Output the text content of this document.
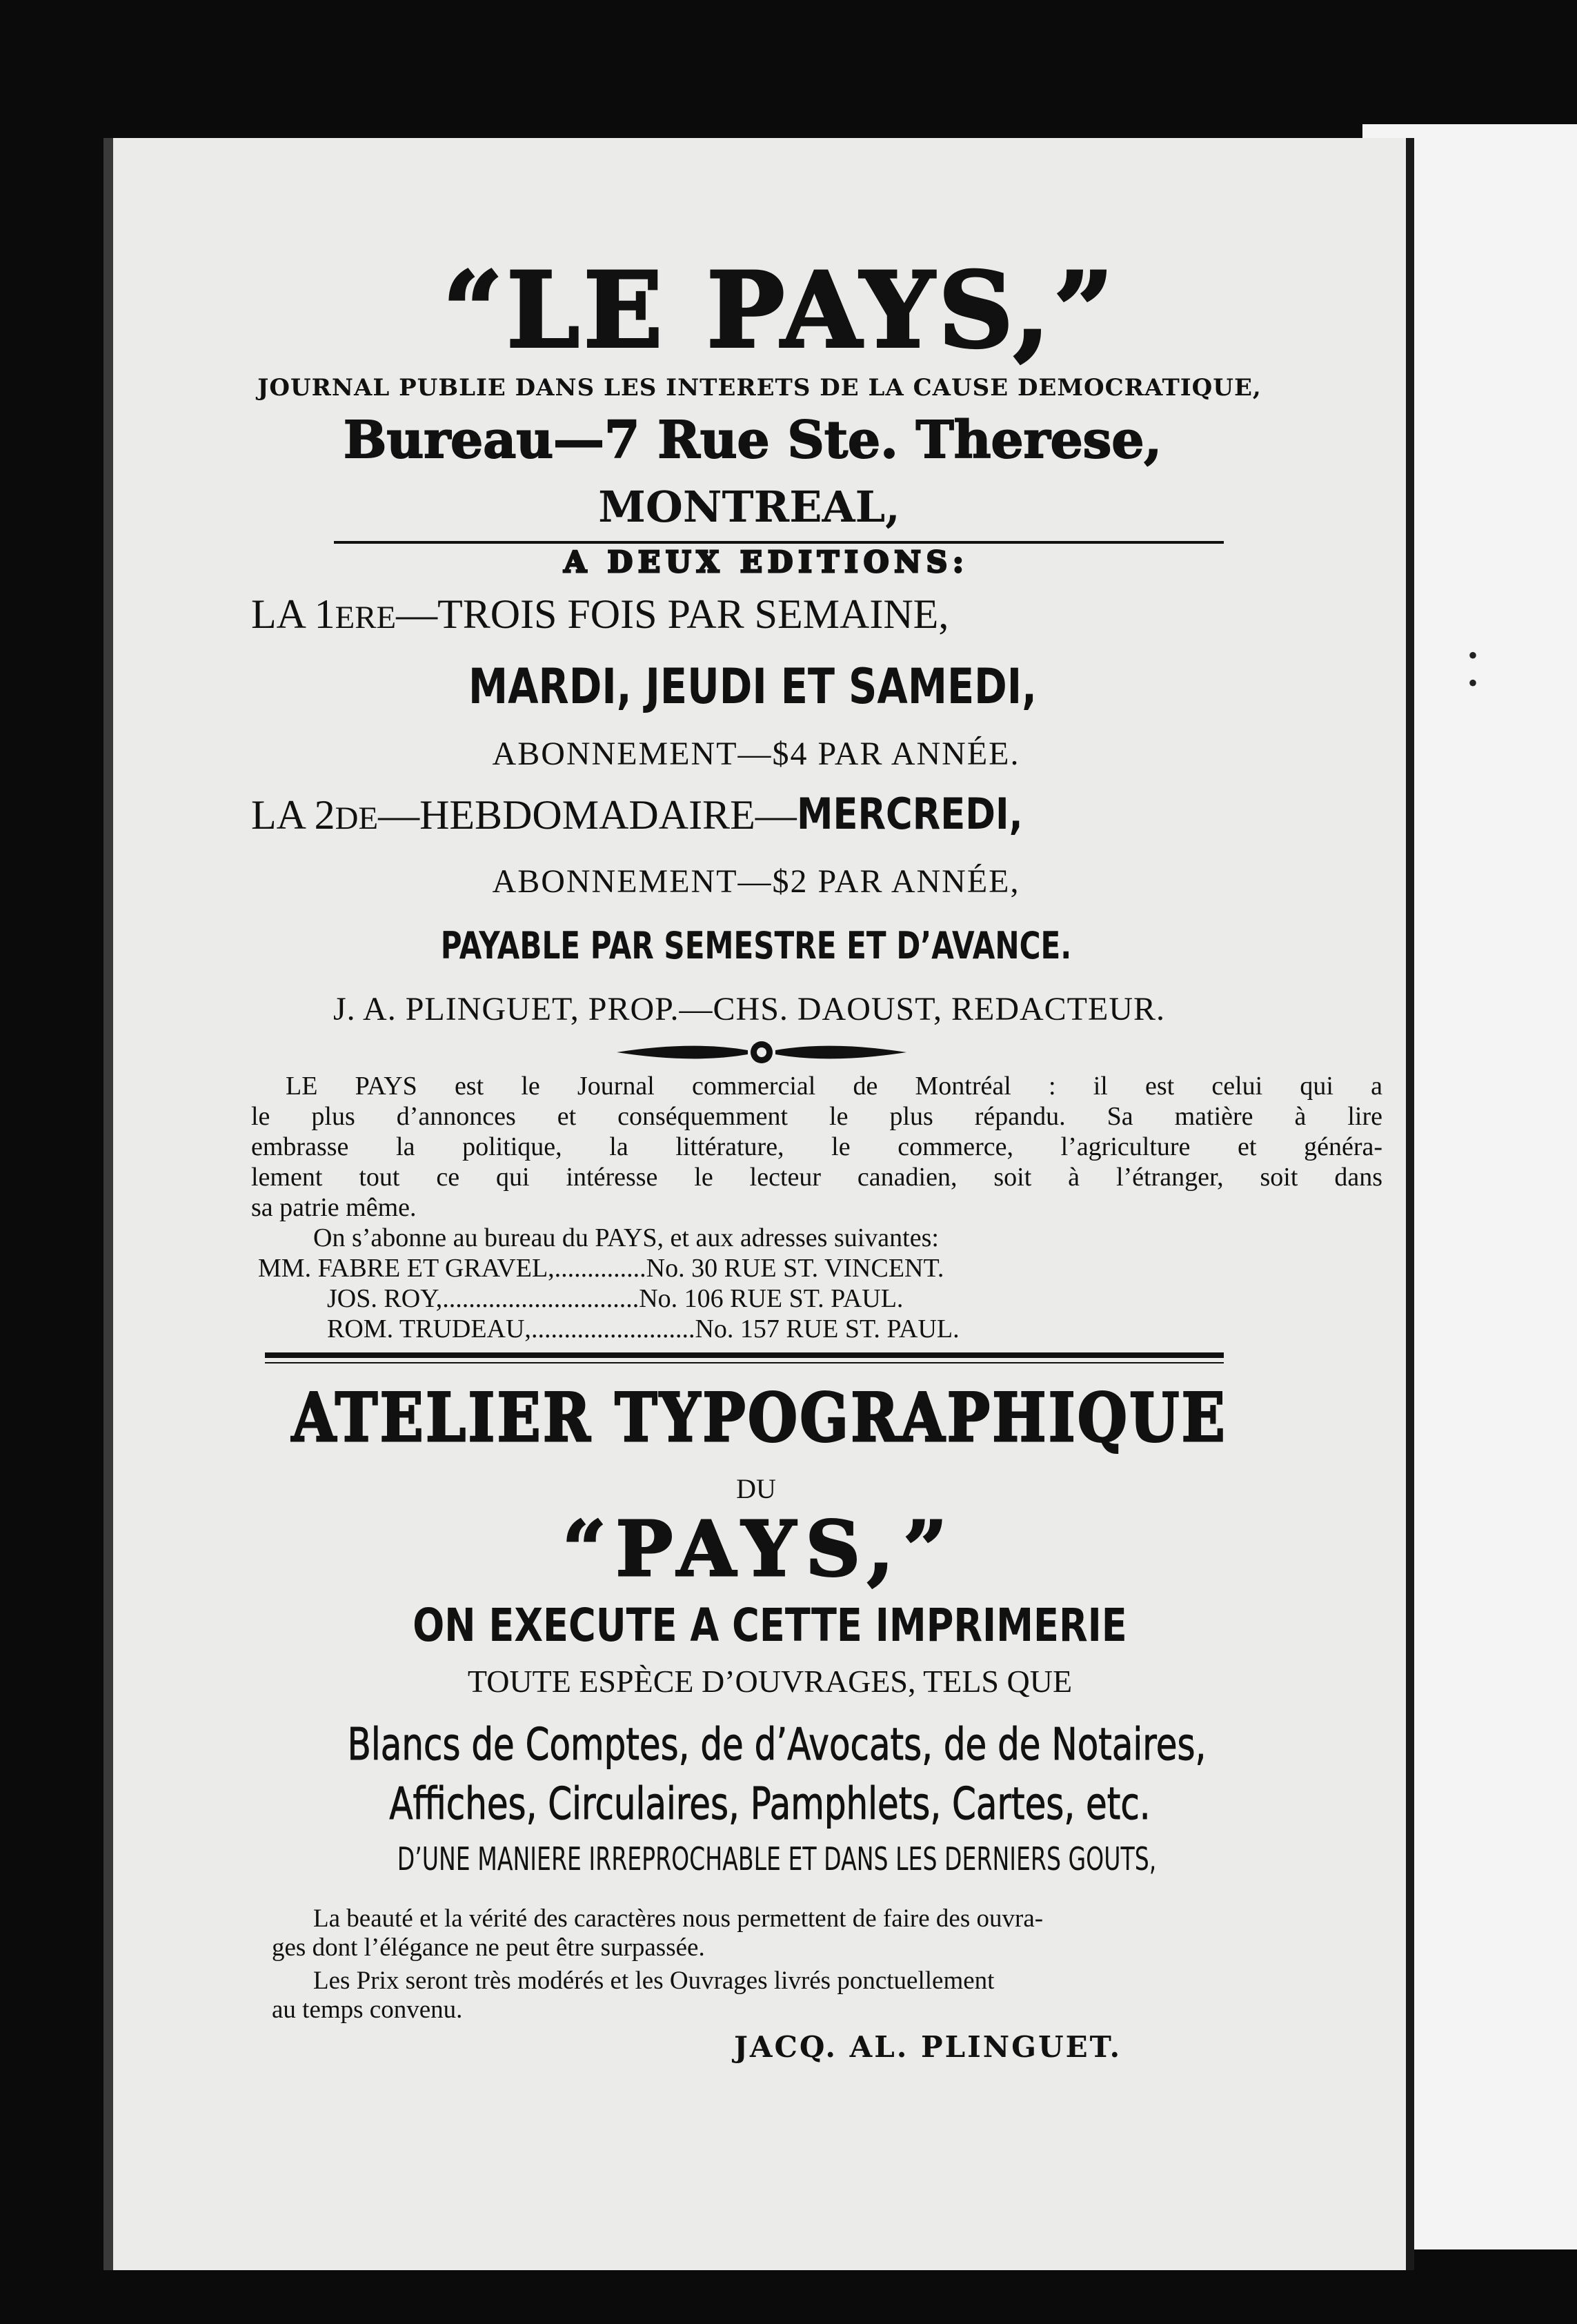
•
•
“LE PAYS,”
JOURNAL PUBLIE DANS LES INTERETS DE LA CAUSE DEMOCRATIQUE,
Bureau—7 Rue Ste. Therese,
MONTREAL,
A DEUX EDITIONS:
LA 1ERE—TROIS FOIS PAR SEMAINE,
MARDI, JEUDI ET SAMEDI,
ABONNEMENT—$4 PAR ANNÉE.
LA 2DE—HEBDOMADAIRE—MERCREDI,
ABONNEMENT—$2 PAR ANNÉE,
PAYABLE PAR SEMESTRE ET D’AVANCE.
J. A. PLINGUET, PROP.—CHS. DAOUST, REDACTEUR.
LE PAYS est le Journal commercial de Montréal : il est celui qui a
le plus d’annonces et conséquemment le plus répandu. Sa matière à lire
embrasse la politique, la littérature, le commerce, l’agriculture et généra-
lement tout ce qui intéresse le lecteur canadien, soit à l’étranger, soit dans
sa patrie même.
On s’abonne au bureau du PAYS, et aux adresses suivantes:
MM. FABRE ET GRAVEL,..............No. 30 RUE ST. VINCENT.
JOS. ROY,..............................No. 106 RUE ST. PAUL.
ROM. TRUDEAU,.........................No. 157 RUE ST. PAUL.
ATELIER TYPOGRAPHIQUE
DU
“PAYS,”
ON EXECUTE A CETTE IMPRIMERIE
TOUTE ESPÈCE D’OUVRAGES, TELS QUE
Blancs de Comptes, de d’Avocats, de de Notaires,
Affiches, Circulaires, Pamphlets, Cartes, etc.
D’UNE MANIERE IRREPROCHABLE ET DANS LES DERNIERS GOUTS,
La beauté et la vérité des caractères nous permettent de faire des ouvra-
ges dont l’élégance ne peut être surpassée.
Les Prix seront très modérés et les Ouvrages livrés ponctuellement
au temps convenu.
JACQ. AL. PLINGUET.
